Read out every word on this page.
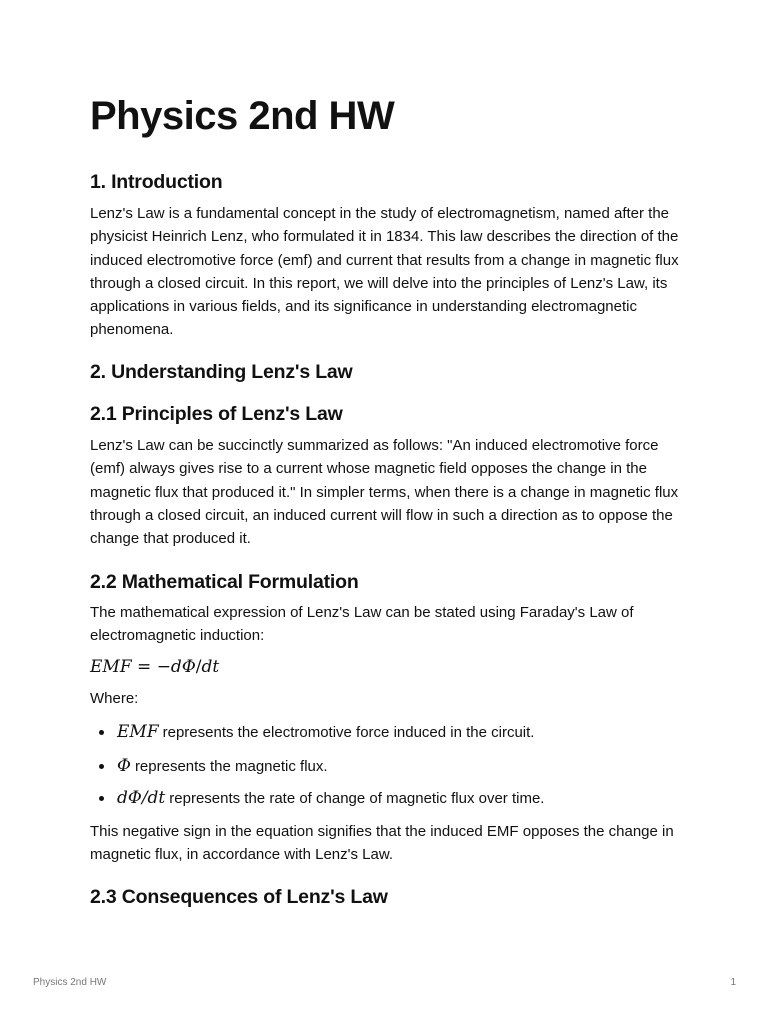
Physics 2nd HW
1. Introduction

Lenz's Law is a fundamental concept in the study of electromagnetism, named after the physicist Heinrich Lenz, who formulated it in 1834. This law describes the direction of the induced electromotive force (emf) and current that results from a change in magnetic flux through a closed circuit. In this report, we will delve into the principles of Lenz's Law, its applications in various fields, and its significance in understanding electromagnetic phenomena.

2. Understanding Lenz's Law
2.1 Principles of Lenz's Law

Lenz's Law can be succinctly summarized as follows: "An induced electromotive force (emf) always gives rise to a current whose magnetic field opposes the change in the magnetic flux that produced it." In simpler terms, when there is a change in magnetic flux through a closed circuit, an induced current will flow in such a direction as to oppose the change that produced it.

2.2 Mathematical Formulation

The mathematical expression of Lenz's Law can be stated using Faraday's Law of electromagnetic induction:

EMF = −dΦ/dt

Where:

EMF represents the electromotive force induced in the circuit.
Φ represents the magnetic flux.
dΦ/dt represents the rate of change of magnetic flux over time.

This negative sign in the equation signifies that the induced EMF opposes the change in magnetic flux, in accordance with Lenz's Law.

2.3 Consequences of Lenz's Law
Physics 2nd HW	1
